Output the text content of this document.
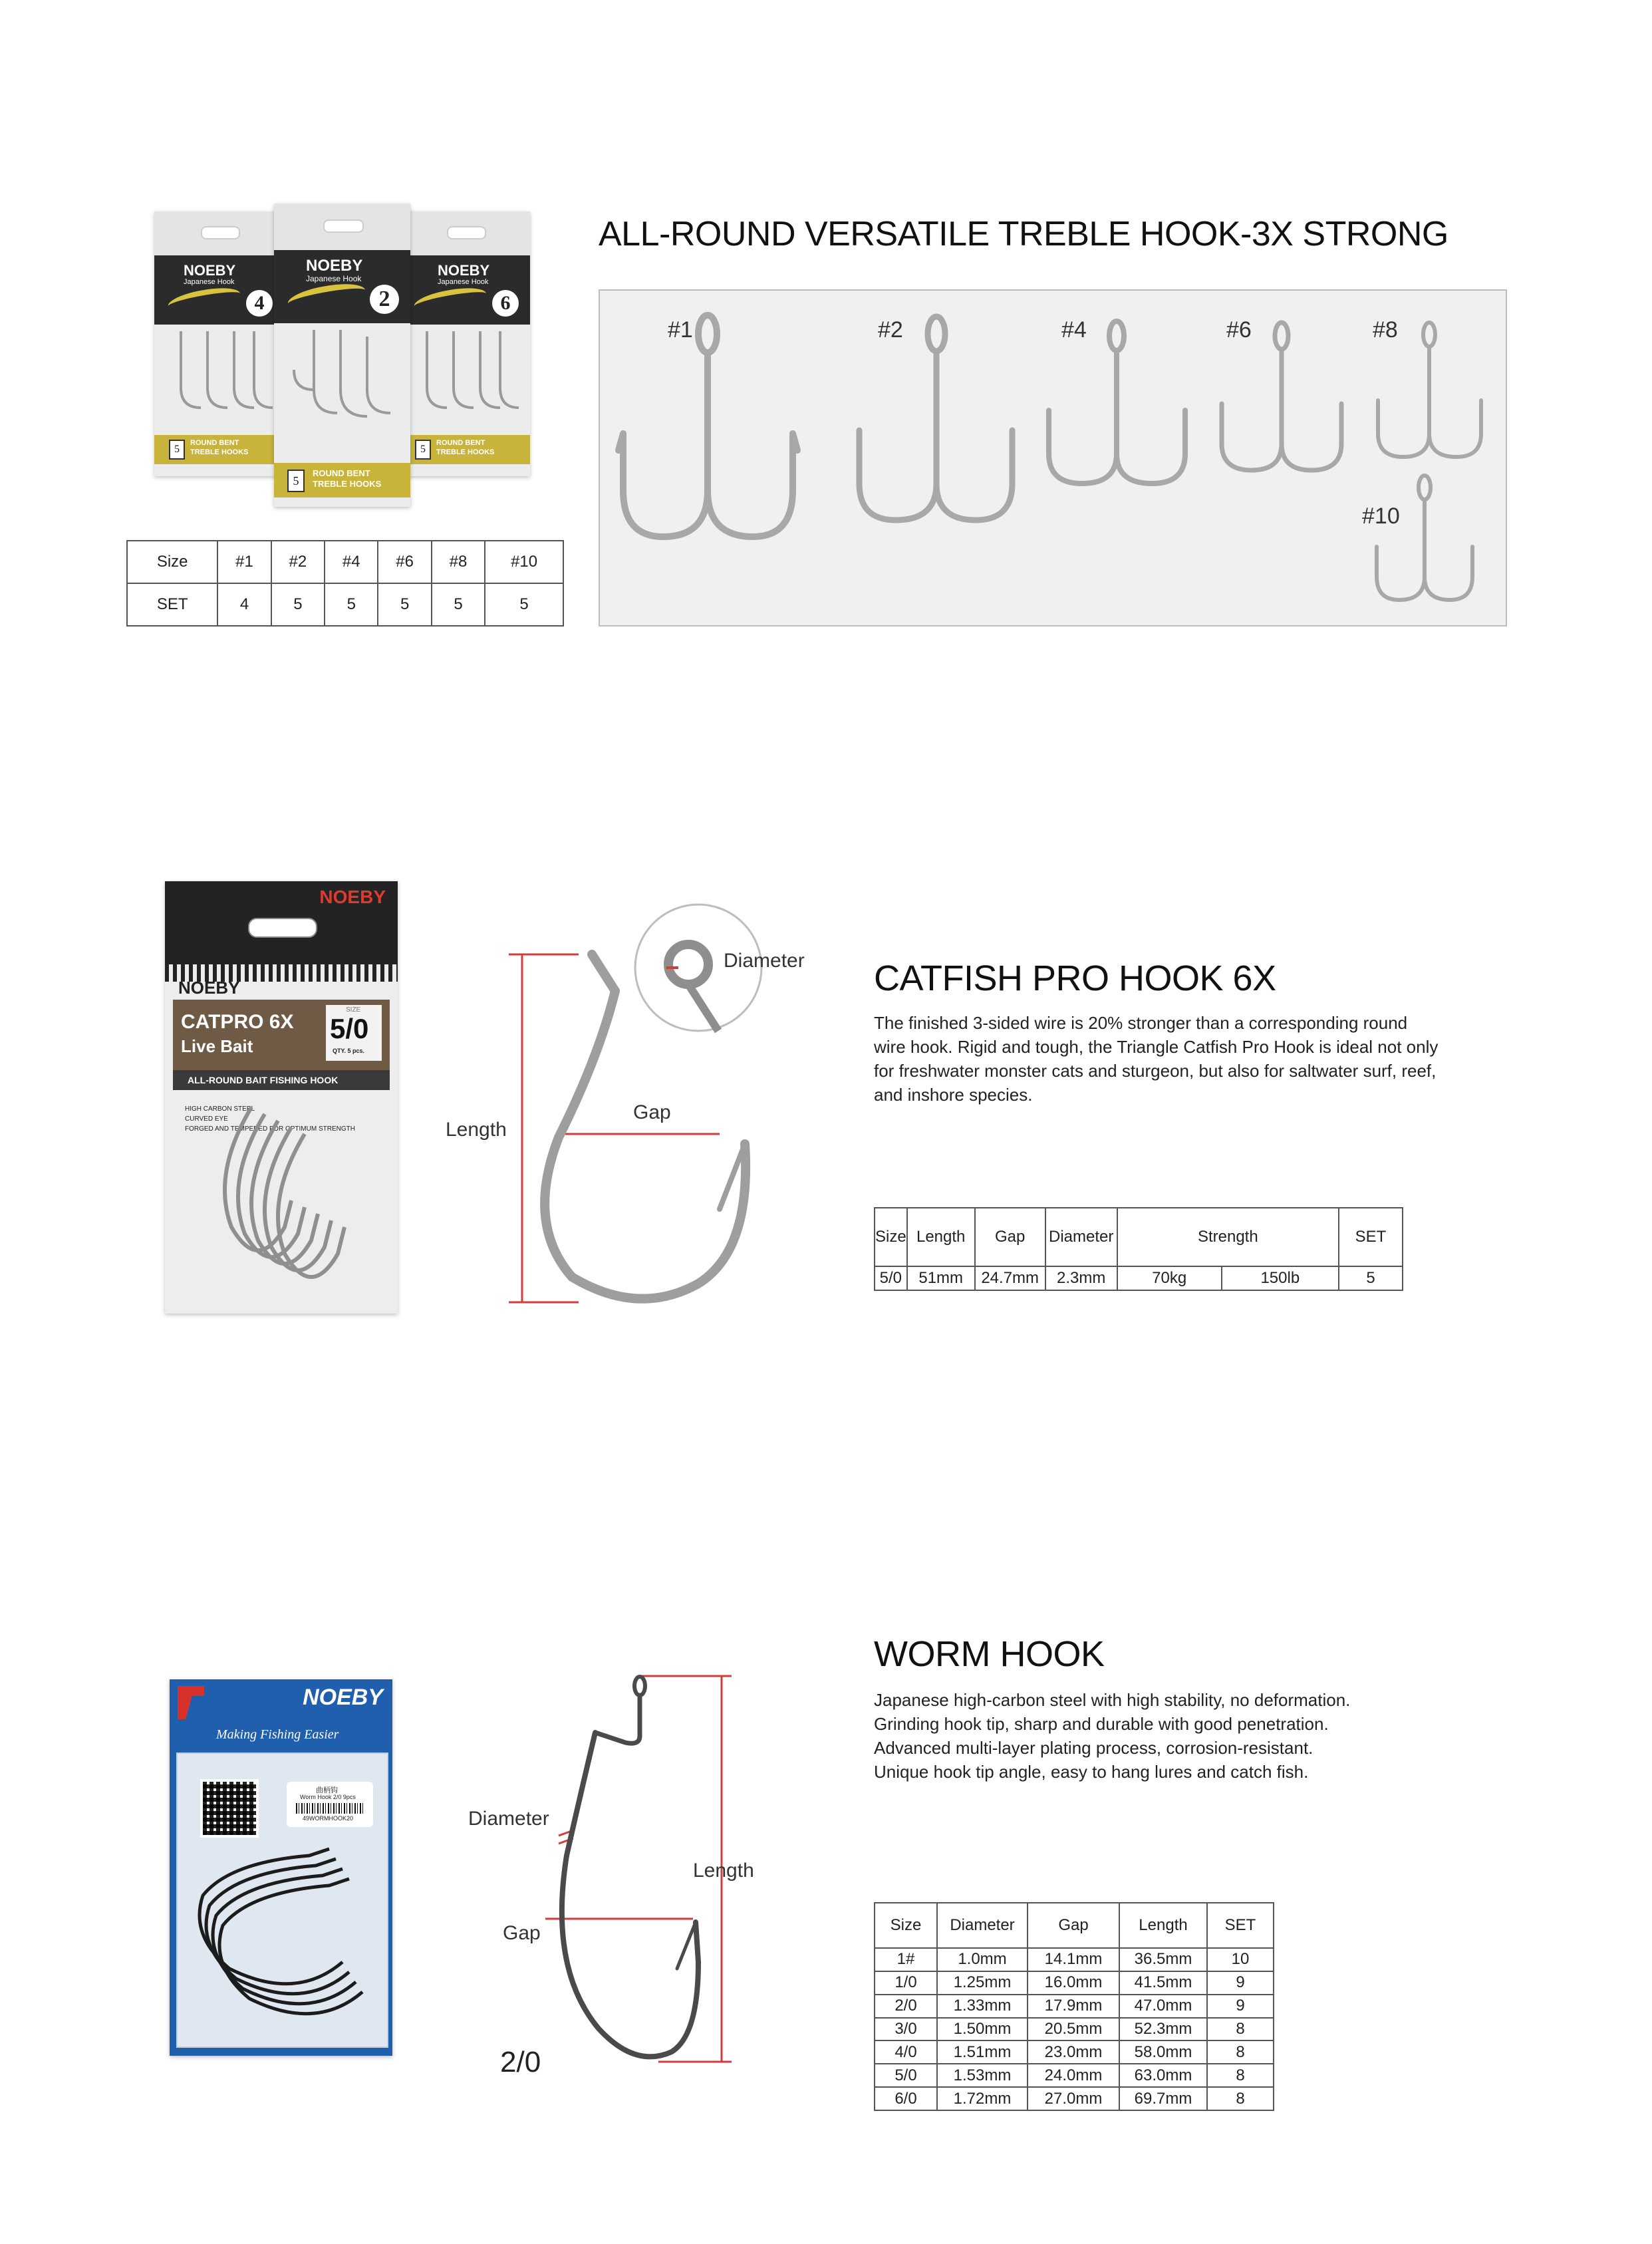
NOEBY
Japanese Hook
4
5
ROUND BENT
TREBLE HOOKS
NOEBY
Japanese Hook
6
5
ROUND BENT
TREBLE HOOKS
NOEBY
Japanese Hook
2
5
ROUND BENT
TREBLE HOOKS
Size	#1	#2	#4	#6	#8	#10
SET	4	5	5	5	5	5
ALL-ROUND VERSATILE TREBLE HOOK-3X STRONG
#1	#2	#4	#6	#8
#10
NOEBY
NOEBY
CATPRO 6X
Live Bait
SIZE
5/0
QTY. 5 pcs.
ALL-ROUND BAIT FISHING HOOK
HIGH CARBON STEEL
CURVED EYE
FORGED AND TEMPERED FOR OPTIMUM STRENGTH
Diameter
Gap
Length
CATFISH PRO HOOK 6X
The finished 3-sided wire is 20% stronger than a corresponding round
wire hook. Rigid and tough, the Triangle Catfish Pro Hook is ideal not only
for freshwater monster cats and sturgeon, but also for saltwater surf, reef,
and inshore species.
Size	Length	Gap	Diameter	Strength		SET
5/0	51mm	24.7mm	2.3mm	70kg	150lb	5
NOEBY
Making Fishing Easier
曲柄钩
Worm Hook 2/0 9pcs
49WORMHOOK20	Diameter
Length
Gap
2/0
WORM HOOK
Japanese high-carbon steel with high stability, no deformation.
Grinding hook tip, sharp and durable with good penetration.
Advanced multi-layer plating process, corrosion-resistant.
Unique hook tip angle, easy to hang lures and catch fish.
Size	Diameter	Gap	Length	SET
1#	1.0mm	14.1mm	36.5mm	10
1/0	1.25mm	16.0mm	41.5mm	9
2/0	1.33mm	17.9mm	47.0mm	9
3/0	1.50mm	20.5mm	52.3mm	8
4/0	1.51mm	23.0mm	58.0mm	8
5/0	1.53mm	24.0mm	63.0mm	8
6/0	1.72mm	27.0mm	69.7mm	8
